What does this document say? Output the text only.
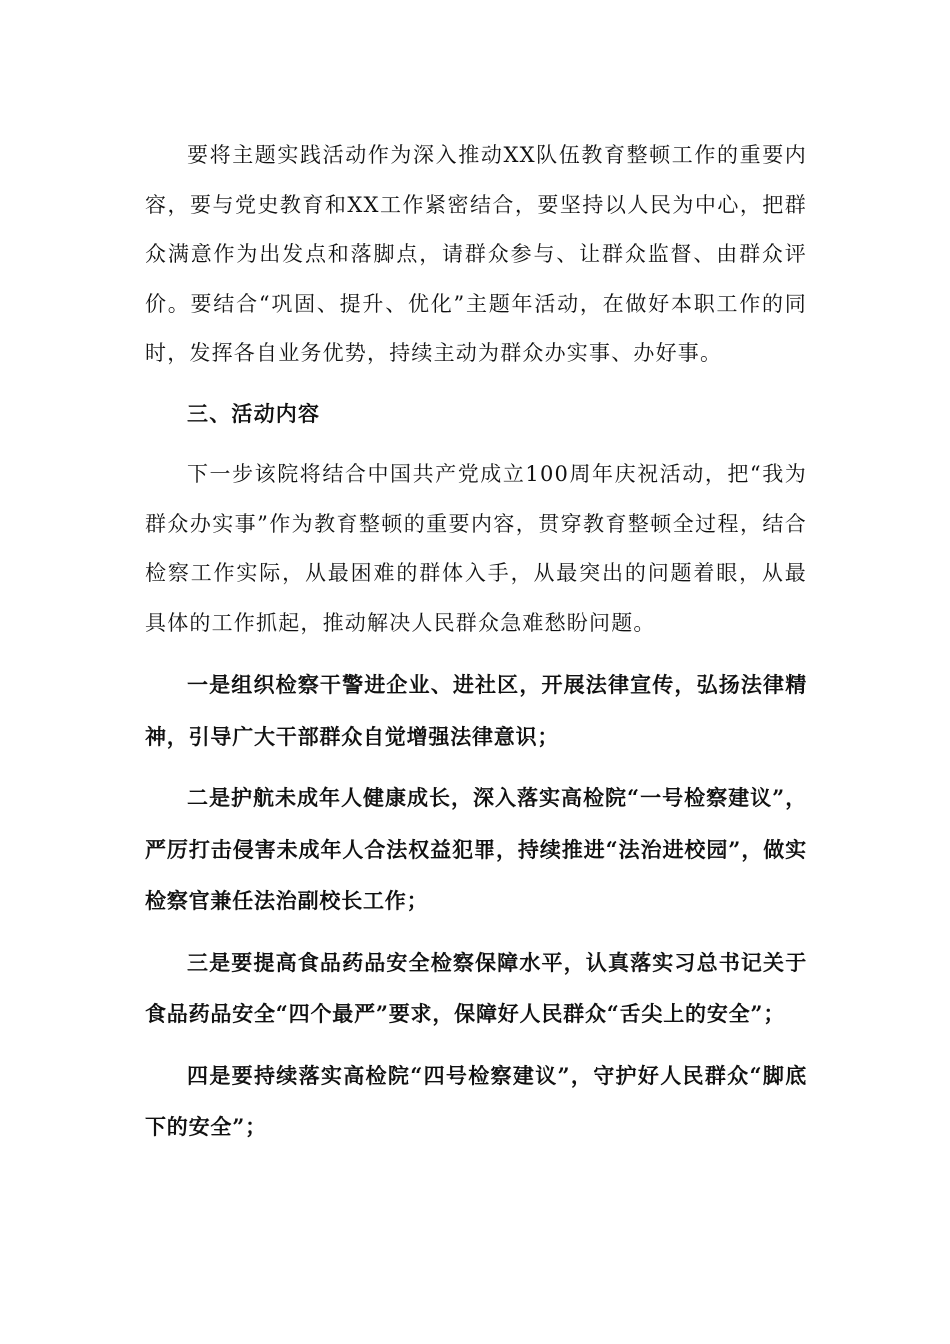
要将主题实践活动作为深入推动XX队伍教育整顿工作的重要内容，要与党史教育和XX工作紧密结合，要坚持以人民为中心，把群众满意作为出发点和落脚点，请群众参与、让群众监督、由群众评价。要结合“巩固、提升、优化”主题年活动，在做好本职工作的同时，发挥各自业务优势，持续主动为群众办实事、办好事。

三、活动内容

下一步该院将结合中国共产党成立100周年庆祝活动，把“我为群众办实事”作为教育整顿的重要内容，贯穿教育整顿全过程，结合检察工作实际，从最困难的群体入手，从最突出的问题着眼，从最具体的工作抓起，推动解决人民群众急难愁盼问题。

一是组织检察干警进企业、进社区，开展法律宣传，弘扬法律精神，引导广大干部群众自觉增强法律意识；

二是护航未成年人健康成长，深入落实高检院“一号检察建议”，严厉打击侵害未成年人合法权益犯罪，持续推进“法治进校园”，做实检察官兼任法治副校长工作；

三是要提高食品药品安全检察保障水平，认真落实习总书记关于食品药品安全“四个最严”要求，保障好人民群众“舌尖上的安全”；

四是要持续落实高检院“四号检察建议”，守护好人民群众“脚底下的安全”；
